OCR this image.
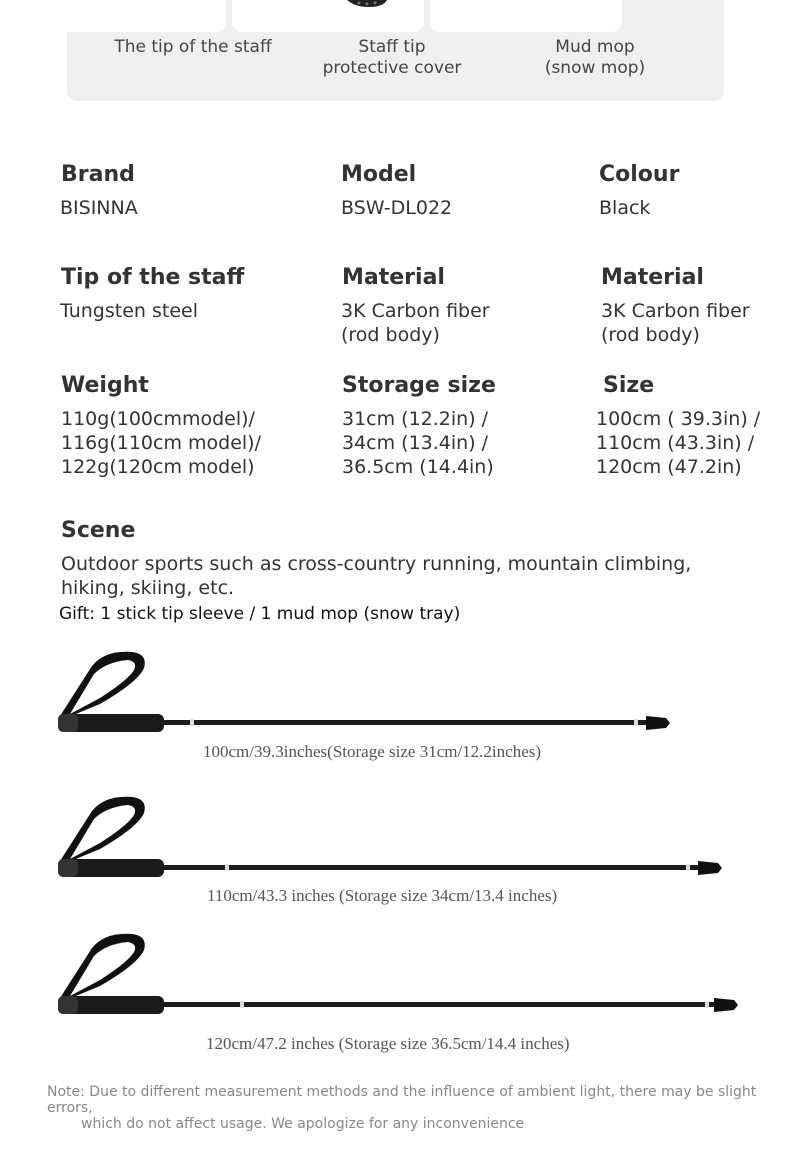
The tip of the staff	Staff tip
protective cover
Mud mop
(snow mop)
Brand
BISINNA
Model
BSW-DL022
Colour
Black
Tip of the staff
Tungsten steel
Material
3K Carbon fiber
(rod body)
Material
3K Carbon fiber
(rod body)
Weight
110g(100cmmodel)/
116g(110cm model)/
122g(120cm model)
Storage size
31cm (12.2in) /
34cm (13.4in) /
36.5cm (14.4in)
Size
100cm ( 39.3in) /
110cm (43.3in) /
120cm (47.2in)
Scene
Outdoor sports such as cross-country running, mountain climbing,
hiking, skiing, etc.
Gift: 1 stick tip sleeve / 1 mud mop (snow tray)
BISINNA
100cm/39.3inches(Storage size 31cm/12.2inches)
BISINNA
110cm/43.3 inches (Storage size 34cm/13.4 inches)
BISINNA
120cm/47.2 inches (Storage size 36.5cm/14.4 inches)
Note: Due to different measurement methods and the influence of ambient light, there may be slight errors,
which do not affect usage. We apologize for any inconvenience
